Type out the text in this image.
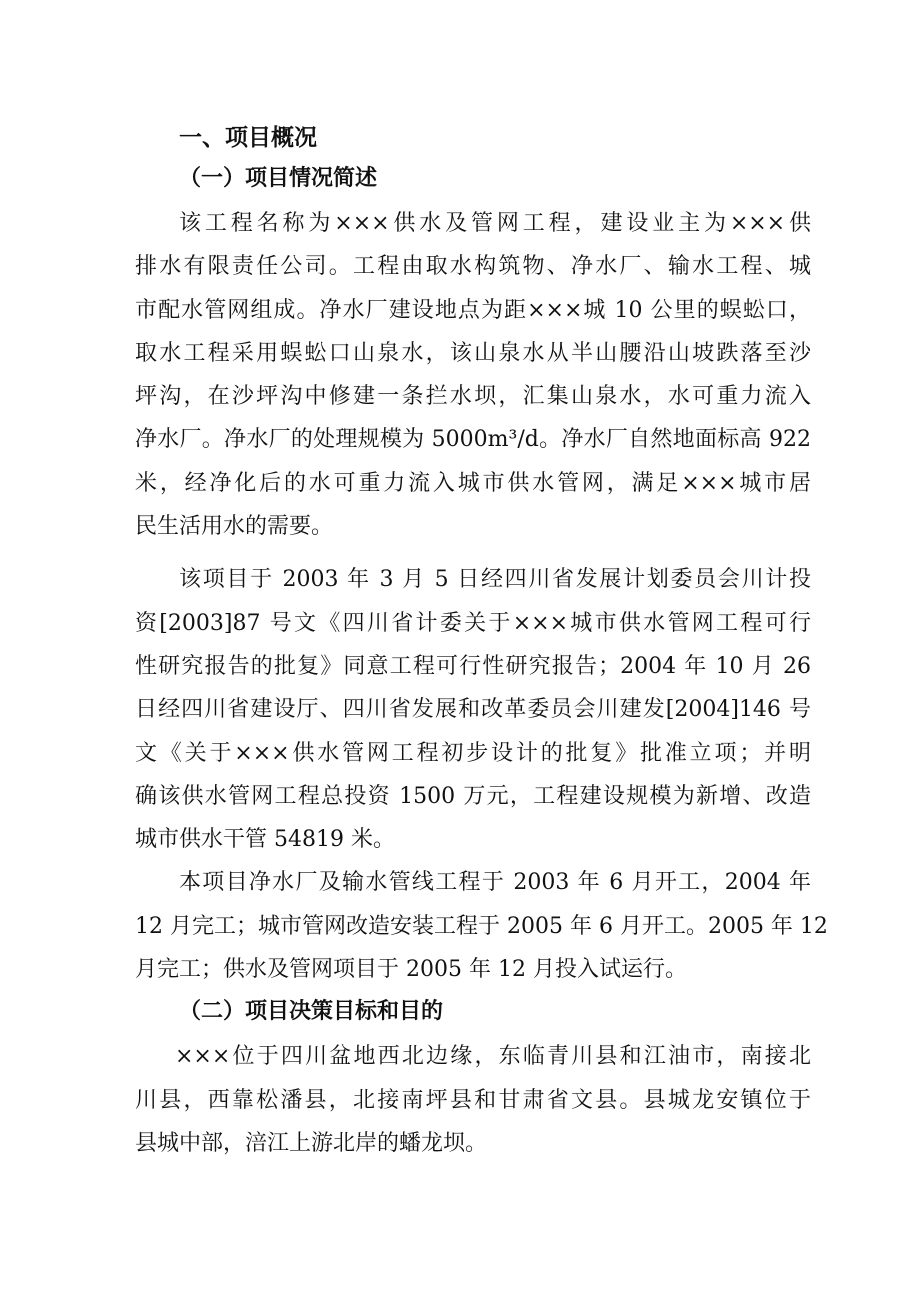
一、项目概况
（一）项目情况简述

该工程名称为×××供水及管网工程，建设业主为×××供

排水有限责任公司。工程由取水构筑物、净水厂、输水工程、城

市配水管网组成。净水厂建设地点为距×××城 10 公里的蜈蚣口，

取水工程采用蜈蚣口山泉水，该山泉水从半山腰沿山坡跌落至沙

坪沟，在沙坪沟中修建一条拦水坝，汇集山泉水，水可重力流入

净水厂。净水厂的处理规模为 5000m³/d。净水厂自然地面标高 922

米，经净化后的水可重力流入城市供水管网，满足×××城市居

民生活用水的需要。

该项目于 2003 年 3 月 5 日经四川省发展计划委员会川计投

资[2003]87 号文《四川省计委关于×××城市供水管网工程可行

性研究报告的批复》同意工程可行性研究报告；2004 年 10 月 26

日经四川省建设厅、四川省发展和改革委员会川建发[2004]146 号

文《关于×××供水管网工程初步设计的批复》批准立项；并明

确该供水管网工程总投资 1500 万元，工程建设规模为新增、改造

城市供水干管 54819 米。

本项目净水厂及输水管线工程于 2003 年 6 月开工，2004 年

12 月完工；城市管网改造安装工程于 2005 年 6 月开工。2005 年 12

月完工；供水及管网项目于 2005 年 12 月投入试运行。

（二）项目决策目标和目的

×××位于四川盆地西北边缘，东临青川县和江油市，南接北

川县，西靠松潘县，北接南坪县和甘肃省文县。县城龙安镇位于

县城中部，涪江上游北岸的蟠龙坝。
